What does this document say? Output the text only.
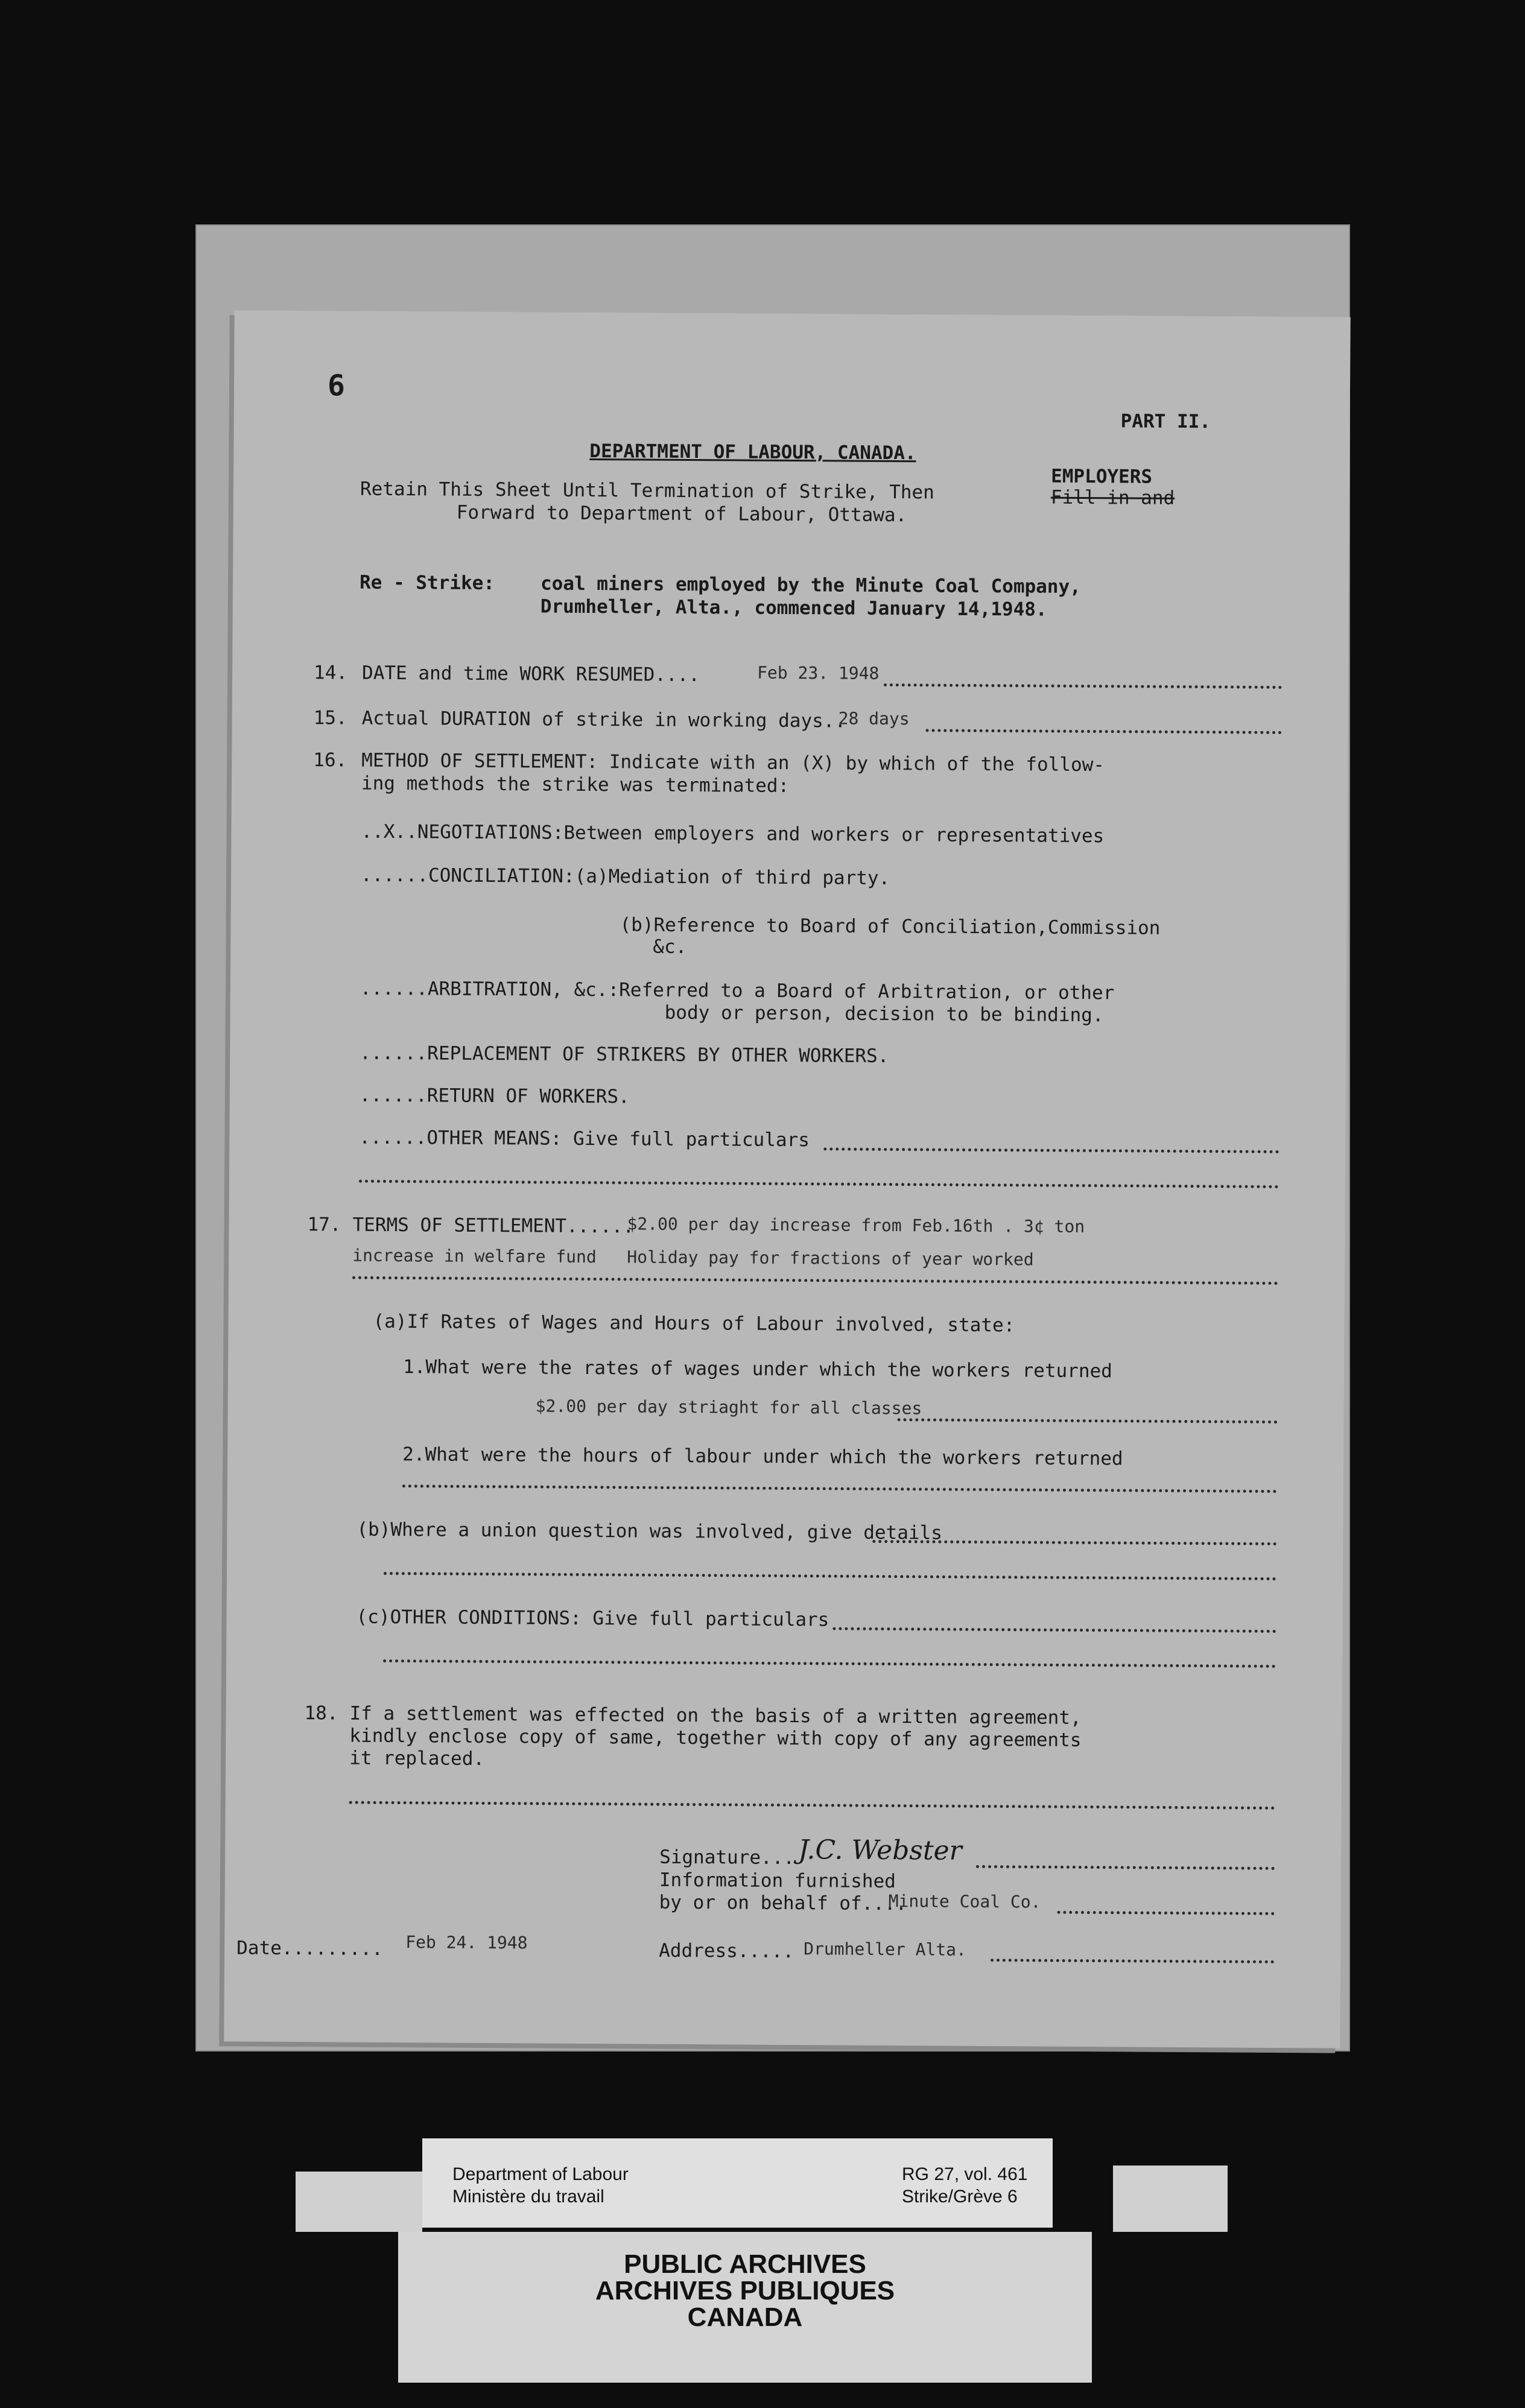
6
PART II.
DEPARTMENT OF LABOUR, CANADA.
Retain This Sheet Until Termination of Strike, Then	Fill in and
EMPLOYERS
Forward to Department of Labour, Ottawa.
Re - Strike: coal miners employed by the Minute Coal Company,
Drumheller, Alta., commenced January 14,1948.
14. DATE and time WORK RESUMED....	Feb 23. 1948
15. Actual DURATION of strike in working days..
28 days
16. METHOD OF SETTLEMENT: Indicate with an (X) by which of the follow-
ing methods the strike was terminated:
..X..NEGOTIATIONS:Between employers and workers or representatives
......CONCILIATION:(a)Mediation of third party.
(b)Reference to Board of Conciliation,Commission
&c.
......ARBITRATION, &c.:Referred to a Board of Arbitration, or other
body or person, decision to be binding.
......REPLACEMENT OF STRIKERS BY OTHER WORKERS.
......RETURN OF WORKERS.
......OTHER MEANS: Give full particulars
17. TERMS OF SETTLEMENT......
$2.00 per day increase from Feb.16th . 3¢ ton
increase in welfare fund   Holiday pay for fractions of year worked
(a)If Rates of Wages and Hours of Labour involved, state:
1.What were the rates of wages under which the workers returned
$2.00 per day striaght for all classes
2.What were the hours of labour under which the workers returned
(b)Where a union question was involved, give details
(c)OTHER CONDITIONS: Give full particulars
18. If a settlement was effected on the basis of a written agreement,
kindly enclose copy of same, together with copy of any agreements
it replaced.
Signature... J.C. Webster
Information furnished
by or on behalf of....
Minute Coal Co.
Date......... Feb 24. 1948	Address..... Drumheller Alta.
Department of Labour
Ministère du travail
RG 27, vol. 461
Strike/Grève 6
PUBLIC ARCHIVES
ARCHIVES PUBLIQUES
CANADA
